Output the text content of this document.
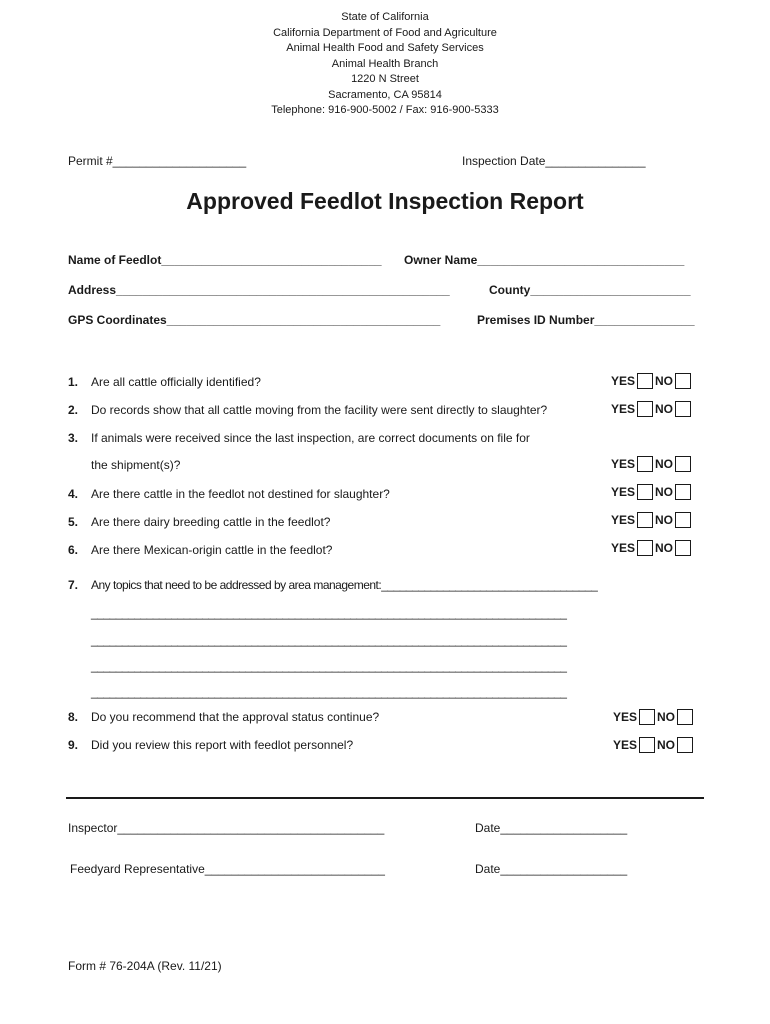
State of California
California Department of Food and Agriculture
Animal Health Food and Safety Services
Animal Health Branch
1220 N Street
Sacramento, CA 95814
Telephone: 916-900-5002 / Fax: 916-900-5333
Permit #____________________	Inspection Date_______________
Approved Feedlot Inspection Report
Name of Feedlot_________________________________ Owner Name_______________________________
Address__________________________________________________	County________________________
GPS Coordinates_________________________________________	Premises ID Number_______________
1. Are all cattle officially identified?	YES NO
2. Do records show that all cattle moving from the facility were sent directly to slaughter?	YES NO
3. If animals were received since the last inspection, are correct documents on file for
the shipment(s)?	YES NO
4. Are there cattle in the feedlot not destined for slaughter?	YES NO
5. Are there dairy breeding cattle in the feedlot?	YES NO
6. Are there Mexican-origin cattle in the feedlot?	YES NO
7. Any topics that need to be addressed by area management:___________________________________
_____________________________________________________________________________
_____________________________________________________________________________
_____________________________________________________________________________
_____________________________________________________________________________
8. Do you recommend that the approval status continue?	YES NO
9. Did you review this report with feedlot personnel?	YES NO
Inspector________________________________________	Date___________________
Feedyard Representative___________________________	Date___________________
Form # 76-204A (Rev. 11/21)
